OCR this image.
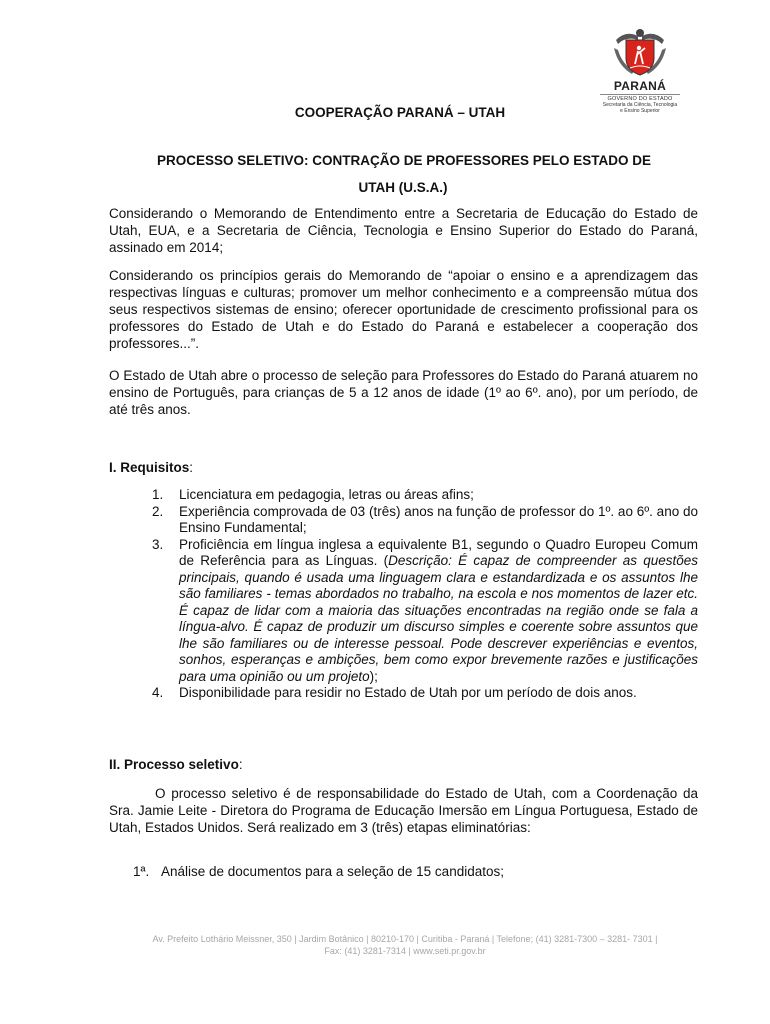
PARANÁ
GOVERNO DO ESTADO
Secretaria da Ciência, Tecnologia
e Ensino Superior
COOPERAÇÃO PARANÁ – UTAH
PROCESSO SELETIVO: CONTRAÇÃO DE PROFESSORES PELO ESTADO DE
UTAH (U.S.A.)

Considerando o Memorando de Entendimento entre a Secretaria de Educação do Estado de Utah, EUA, e a Secretaria de Ciência, Tecnologia e Ensino Superior do Estado do Paraná, assinado em 2014;

Considerando os princípios gerais do Memorando de “apoiar o ensino e a aprendizagem das respectivas línguas e culturas; promover um melhor conhecimento e a compreensão mútua dos seus respectivos sistemas de ensino; oferecer oportunidade de crescimento profissional para os professores do Estado de Utah e do Estado do Paraná e estabelecer a cooperação dos professores...”.

O Estado de Utah abre o processo de seleção para Professores do Estado do Paraná atuarem no ensino de Português, para crianças de 5 a 12 anos de idade (1º ao 6º. ano), por um período, de até três anos.

I. Requisitos:
1. Licenciatura em pedagogia, letras ou áreas afins;
2. Experiência comprovada de 03 (três) anos na função de professor do 1º. ao 6º. ano do Ensino Fundamental;
3. Proficiência em língua inglesa a equivalente B1, segundo o Quadro Europeu Comum de Referência para as Línguas. (Descrição: É capaz de compreender as questões principais, quando é usada uma linguagem clara e estandardizada e os assuntos lhe são familiares - temas abordados no trabalho, na escola e nos momentos de lazer etc. É capaz de lidar com a maioria das situações encontradas na região onde se fala a língua-alvo. É capaz de produzir um discurso simples e coerente sobre assuntos que lhe são familiares ou de interesse pessoal. Pode descrever experiências e eventos, sonhos, esperanças e ambições, bem como expor brevemente razões e justificações para uma opinião ou um projeto);
4. Disponibilidade para residir no Estado de Utah por um período de dois anos.
II. Processo seletivo:

O processo seletivo é de responsabilidade do Estado de Utah, com a Coordenação da Sra. Jamie Leite - Diretora do Programa de Educação Imersão em Língua Portuguesa, Estado de Utah, Estados Unidos. Será realizado em 3 (três) etapas eliminatórias:

1ª. Análise de documentos para a seleção de 15 candidatos;
Av. Prefeito Lothário Meissner, 350 | Jardim Botânico | 80210-170 | Curitiba - Paraná | Telefone; (41) 3281-7300 – 3281- 7301 |
Fax: (41) 3281-7314 | www.seti.pr.gov.br
